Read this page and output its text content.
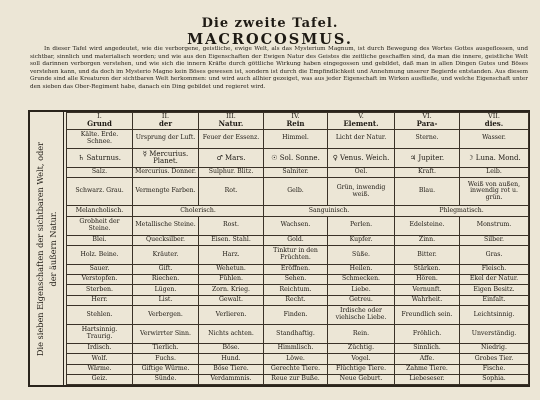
Die zweite Tafel.
MACROCOSMUS.

In dieser Tafel wird angedeutet, wie die verborgene, geistliche, ewige Welt, als das Mysterium Magnum, ist durch Bewegung des Wortes Gottes ausgeflossen, und sichtbar, sinnlich und materialisch worden; und wie aus den Eigenschaften der Ewigen Natur des Geistes die zeitliche geschaffen sind, da man die innere, geistliche Welt soll darinnen verborgen verstehen, und wie sich die innern Kräfte durch göttliche Wirkung haben eingegossen und gebildet, daß man in allen Dingen Gutes und Böses verstehen kann, und da doch im Mysterio Magno kein Böses gewesen ist, sondern ist durch die Empfindlichkeit und Annehmung unserer Begierde entstanden. Aus diesem Grunde sind alle Kreaturen der sichtbaren Welt herkommen: und wird auch allhier gezeiget, was aus jeder Eigenschaft im Wirken ausfließe, und welche Eigenschaft unter den sieben das Ober-Regiment habe, danach ein Ding gebildet und regieret wird.

Die sieben Eigenschaften der sichtbaren Welt, oder der äußern Natur.
I.	II.	III.	IV.	V.	VI.	VII.
Grund	der	Natur.	Rein	Element.	Para-	dies.
Kälte. Erde. Schnee.	Ursprung der Luft.	Feuer der Essenz.	Himmel.	Licht der Natur.	Sterne.	Wasser.
♄ Saturnus.	☿ Mercurius. Planet.	♂ Mars.	☉ Sol. Sonne.	♀ Venus. Weich.	♃ Jupiter.	☽ Luna. Mond.
Salz.	Mercurius. Donner.	Sulphur. Blitz.	Salniter.	Oel.	Kraft.	Leib.
Schwarz. Grau.	Vermengte Farben.	Rot.	Gelb.	Grün, inwendig weiß.	Blau.	Weiß von außen, inwendig rot u. grün.
Melancholisch.	Cholerisch.		Sanguinisch.		Phlegmatisch.	
Grobheit der Steine.	Metallische Steine.	Rost.	Wachsen.	Perlen.	Edelsteine.	Monstrum.
Blei.	Quecksilber.	Eisen. Stahl.	Gold.	Kupfer.	Zinn.	Silber.
Holz. Beine.	Kräuter.	Harz.	Tinktur in den Früchten.	Süße.	Bitter.	Gras.
Sauer.	Gift.	Wehetun.	Eröffnen.	Heilen.	Stärken.	Fleisch.
Verstopfen.	Riechen.	Fühlen.	Sehen.	Schmecken.	Hören.	Ekel der Natur.
Sterben.	Lügen.	Zorn. Krieg.	Reichtum.	Liebe.	Vernunft.	Eigen Besitz.
Herr.	List.	Gewalt.	Recht.	Getreu.	Wahrheit.	Einfalt.
Stehlen.	Verbergen.	Verlieren.	Finden.	Irdische oder viehische Liebe.	Freundlich sein.	Leichtsinnig.
Hartsinnig. Traurig.	Verwirrter Sinn.	Nichts achten.	Standhaftig.	Rein.	Fröhlich.	Unverständig.
Irdisch.	Tierlich.	Böse.	Himmlisch.	Züchtig.	Sinnlich.	Niedrig.
Wolf.	Fuchs.	Hund.	Löwe.	Vogel.	Affe.	Grobes Tier.
Wärme.	Giftige Würme.	Böse Tiere.	Gerechte Tiere.	Flüchtige Tiere.	Zahme Tiere.	Fische.
Geiz.	Sünde.	Verdammnis.	Reue zur Buße.	Neue Geburt.	Liebeseser.	Sophia.
